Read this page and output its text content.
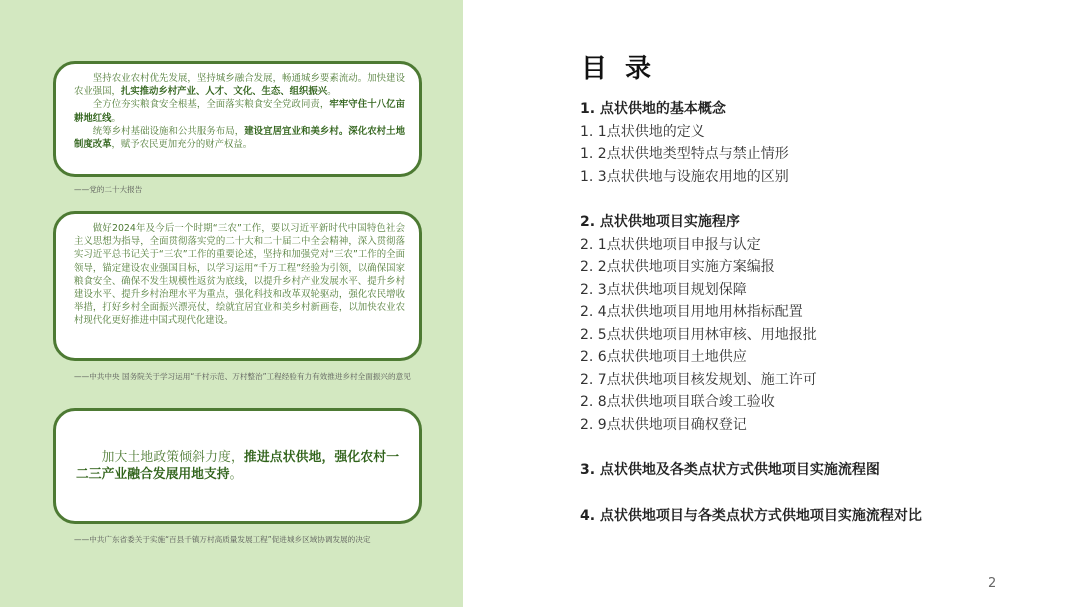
坚持农业农村优先发展，坚持城乡融合发展，畅通城乡要素流动。加快建设农业强国，扎实推动乡村产业、人才、文化、生态、组织振兴。

全方位夯实粮食安全根基，全面落实粮食安全党政同责，牢牢守住十八亿亩耕地红线。

统筹乡村基础设施和公共服务布局，建设宜居宜业和美乡村。深化农村土地制度改革，赋予农民更加充分的财产权益。

——党的二十大报告

做好2024年及今后一个时期“三农”工作，要以习近平新时代中国特色社会主义思想为指导，全面贯彻落实党的二十大和二十届二中全会精神，深入贯彻落实习近平总书记关于“三农”工作的重要论述，坚持和加强党对“三农”工作的全面领导，锚定建设农业强国目标，以学习运用“千万工程”经验为引领，以确保国家粮食安全、确保不发生规模性返贫为底线，以提升乡村产业发展水平、提升乡村建设水平、提升乡村治理水平为重点，强化科技和改革双轮驱动，强化农民增收举措，打好乡村全面振兴漂亮仗，绘就宜居宜业和美乡村新画卷，以加快农业农村现代化更好推进中国式现代化建设。

——中共中央 国务院关于学习运用“千村示范、万村整治”工程经验有力有效推进乡村全面振兴的意见

加大土地政策倾斜力度，推进点状供地，强化农村一二三产业融合发展用地支持。

——中共广东省委关于实施“百县千镇万村高质量发展工程”促进城乡区域协调发展的决定
目录
1. 点状供地的基本概念
1. 1点状供地的定义
1. 2点状供地类型特点与禁止情形
1. 3点状供地与设施农用地的区别
2. 点状供地项目实施程序
2. 1点状供地项目申报与认定
2. 2点状供地项目实施方案编报
2. 3点状供地项目规划保障
2. 4点状供地项目用地用林指标配置
2. 5点状供地项目用林审核、用地报批
2. 6点状供地项目土地供应
2. 7点状供地项目核发规划、施工许可
2. 8点状供地项目联合竣工验收
2. 9点状供地项目确权登记
3. 点状供地及各类点状方式供地项目实施流程图
4. 点状供地项目与各类点状方式供地项目实施流程对比
2
